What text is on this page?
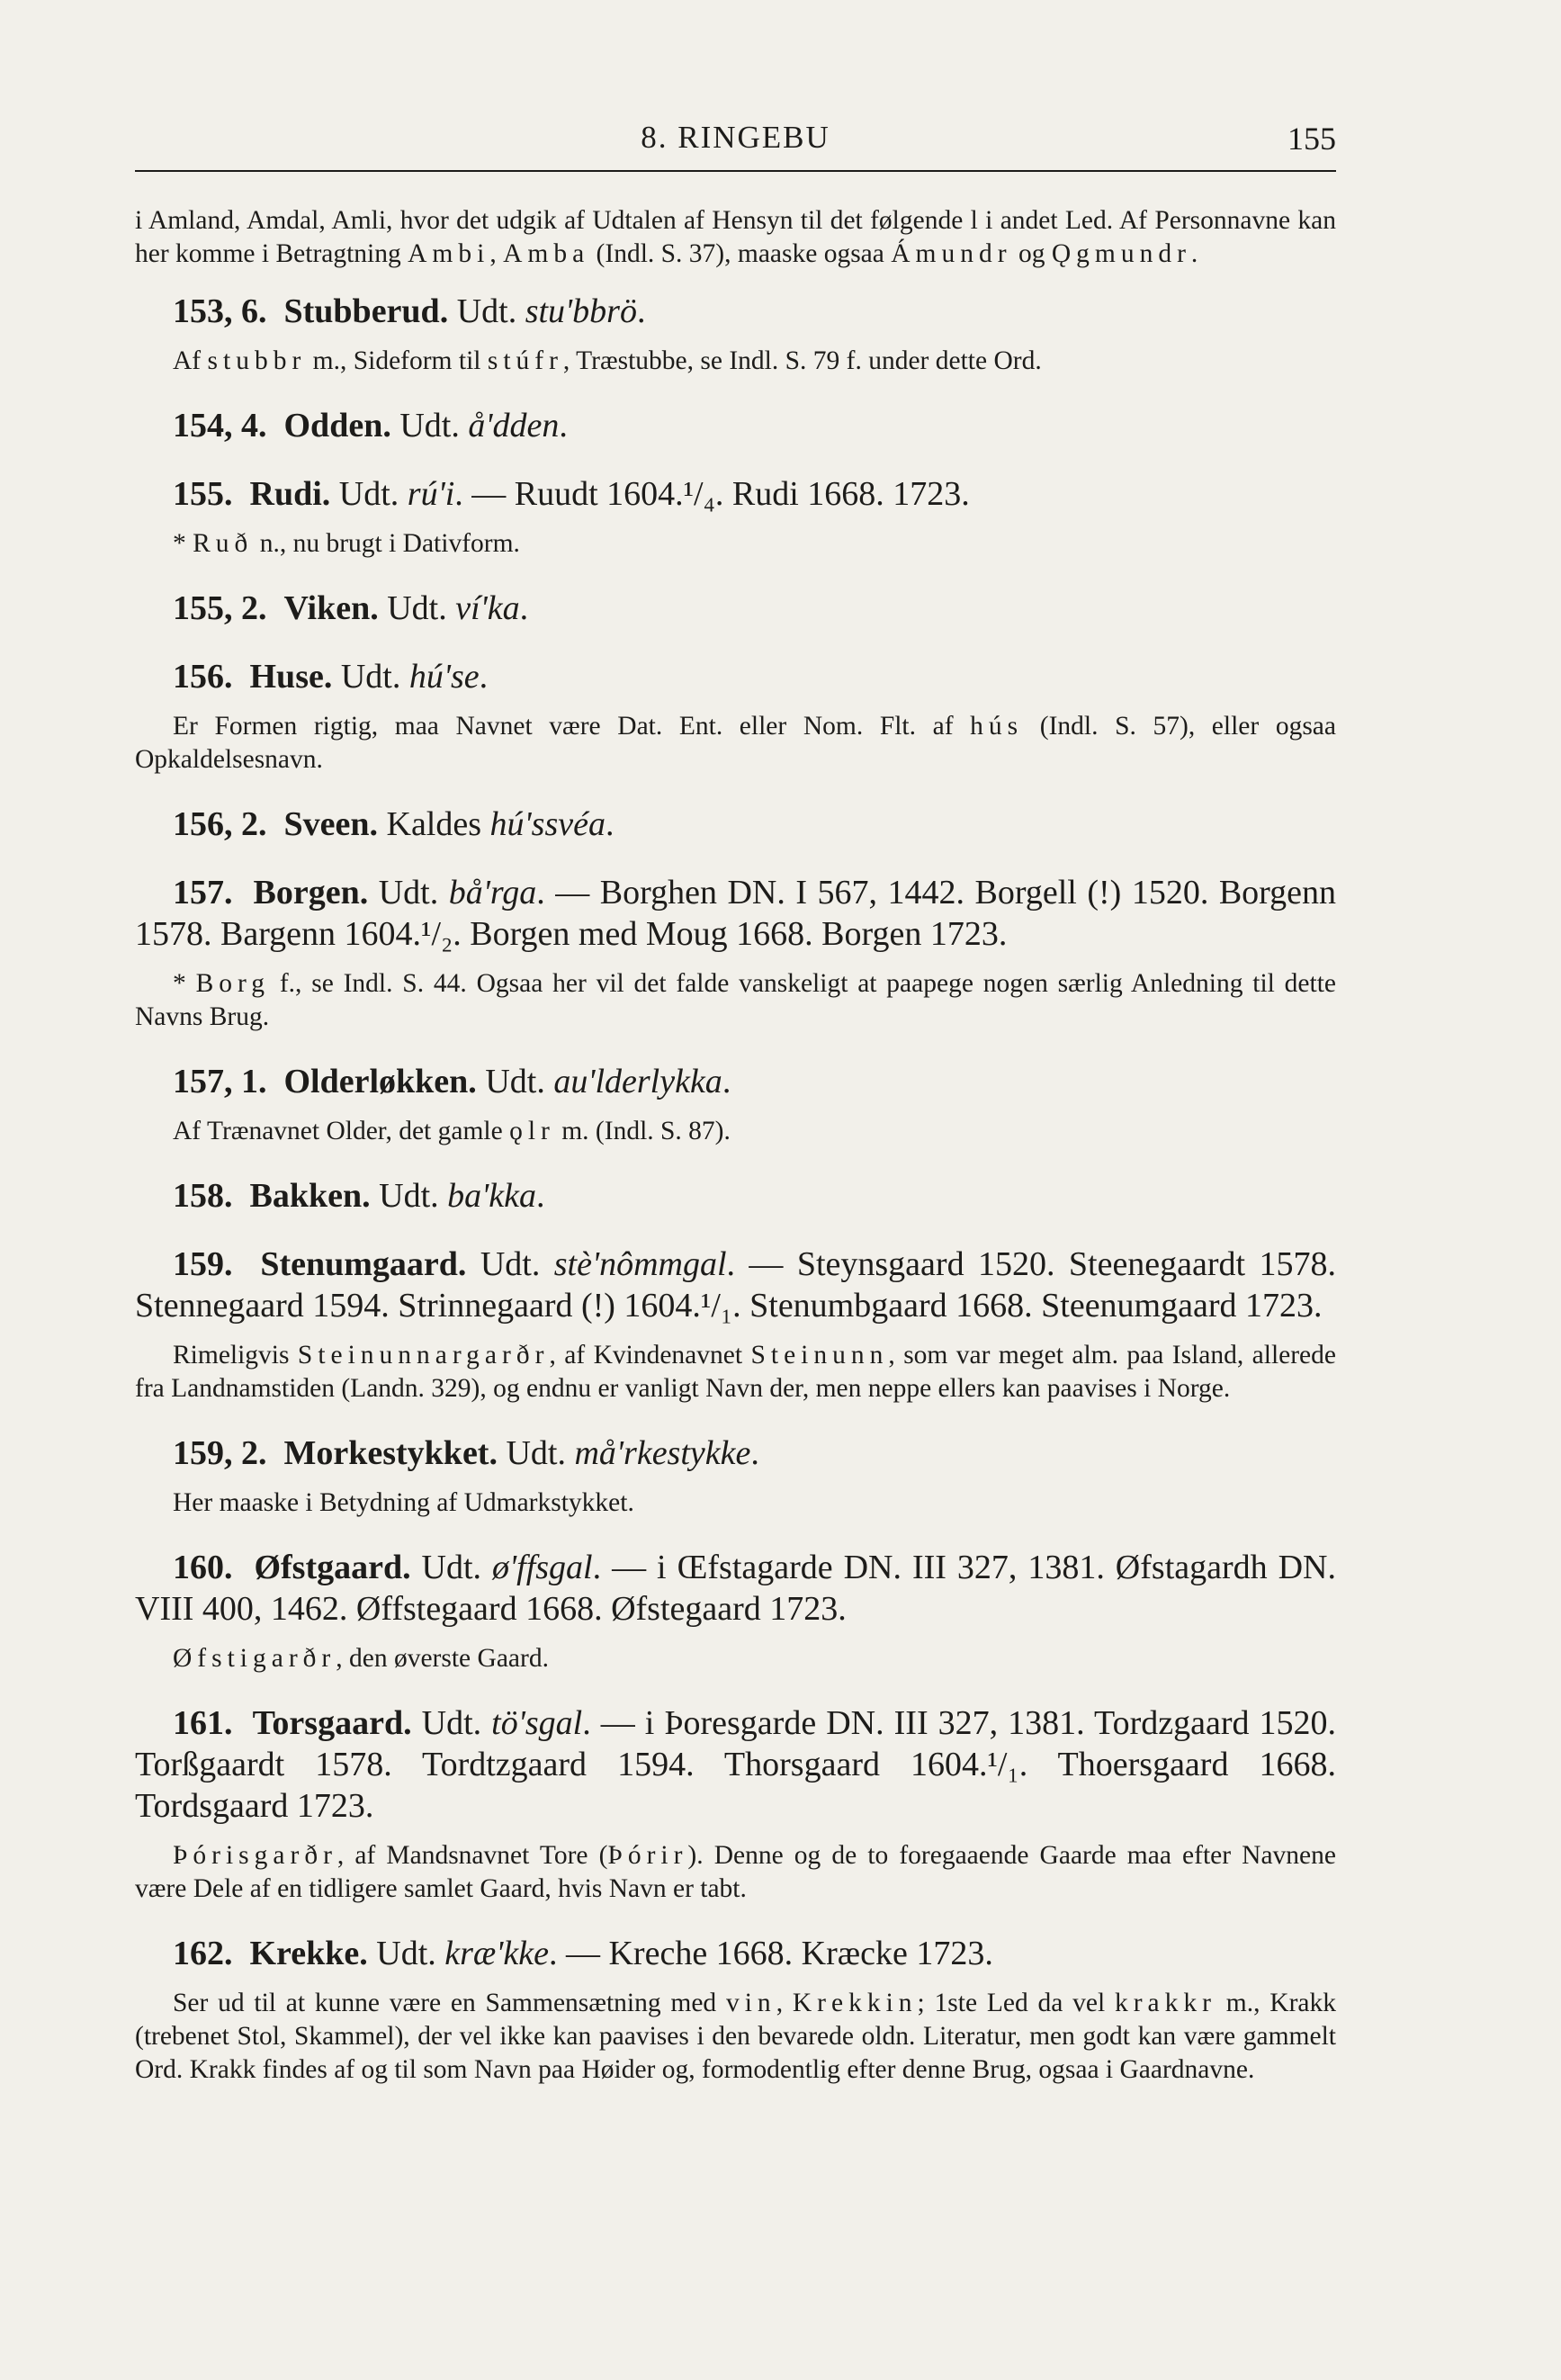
8. RINGEBU	155

i Amland, Amdal, Amli, hvor det udgik af Udtalen af Hensyn til det følgende l i andet Led. Af Personnavne kan her komme i Betragtning Ambi, Amba (Indl. S. 37), maaske ogsaa Ámundr og Ǫgmundr.

153, 6. Stubberud. Udt. stu'bbrö.

Af stubbr m., Sideform til stúfr, Træstubbe, se Indl. S. 79 f. under dette Ord.

154, 4. Odden. Udt. å'dden.

155. Rudi. Udt. rú'i. — Ruudt 1604.¹/₄. Rudi 1668. 1723.

* Ruð n., nu brugt i Dativform.

155, 2. Viken. Udt. ví'ka.

156. Huse. Udt. hú'se.

Er Formen rigtig, maa Navnet være Dat. Ent. eller Nom. Flt. af hús (Indl. S. 57), eller ogsaa Opkaldelsesnavn.

156, 2. Sveen. Kaldes hú'ssvéa.

157. Borgen. Udt. bå'rga. — Borghen DN. I 567, 1442. Borgell (!) 1520. Borgenn 1578. Bargenn 1604.¹/₂. Borgen med Moug 1668. Borgen 1723.

* Borg f., se Indl. S. 44. Ogsaa her vil det falde vanskeligt at paapege nogen særlig Anledning til dette Navns Brug.

157, 1. Olderløkken. Udt. au'lderlykka.

Af Trænavnet Older, det gamle ǫlr m. (Indl. S. 87).

158. Bakken. Udt. ba'kka.

159. Stenumgaard. Udt. stè'nômmgal. — Steynsgaard 1520. Steenegaardt 1578. Stennegaard 1594. Strinnegaard (!) 1604.¹/₁. Stenumbgaard 1668. Steenumgaard 1723.

Rimeligvis Steinunnargarðr, af Kvindenavnet Steinunn, som var meget alm. paa Island, allerede fra Landnamstiden (Landn. 329), og endnu er vanligt Navn der, men neppe ellers kan paavises i Norge.

159, 2. Morkestykket. Udt. må'rkestykke.

Her maaske i Betydning af Udmarkstykket.

160. Øfstgaard. Udt. ø'ffsgal. — i Œfstagarde DN. III 327, 1381. Øfstagardh DN. VIII 400, 1462. Øffstegaard 1668. Øfstegaard 1723.

Øfstigarðr, den øverste Gaard.

161. Torsgaard. Udt. tö'sgal. — i Þoresgarde DN. III 327, 1381. Tordzgaard 1520. Torßgaardt 1578. Tordtzgaard 1594. Thorsgaard 1604.¹/₁. Thoersgaard 1668. Tordsgaard 1723.

Þórisgarðr, af Mandsnavnet Tore (Þórir). Denne og de to foregaaende Gaarde maa efter Navnene være Dele af en tidligere samlet Gaard, hvis Navn er tabt.

162. Krekke. Udt. kræ'kke. — Kreche 1668. Kræcke 1723.

Ser ud til at kunne være en Sammensætning med vin, Krekkin; 1ste Led da vel krakkr m., Krakk (trebenet Stol, Skammel), der vel ikke kan paavises i den bevarede oldn. Literatur, men godt kan være gammelt Ord. Krakk findes af og til som Navn paa Høider og, formodentlig efter denne Brug, ogsaa i Gaardnavne.
